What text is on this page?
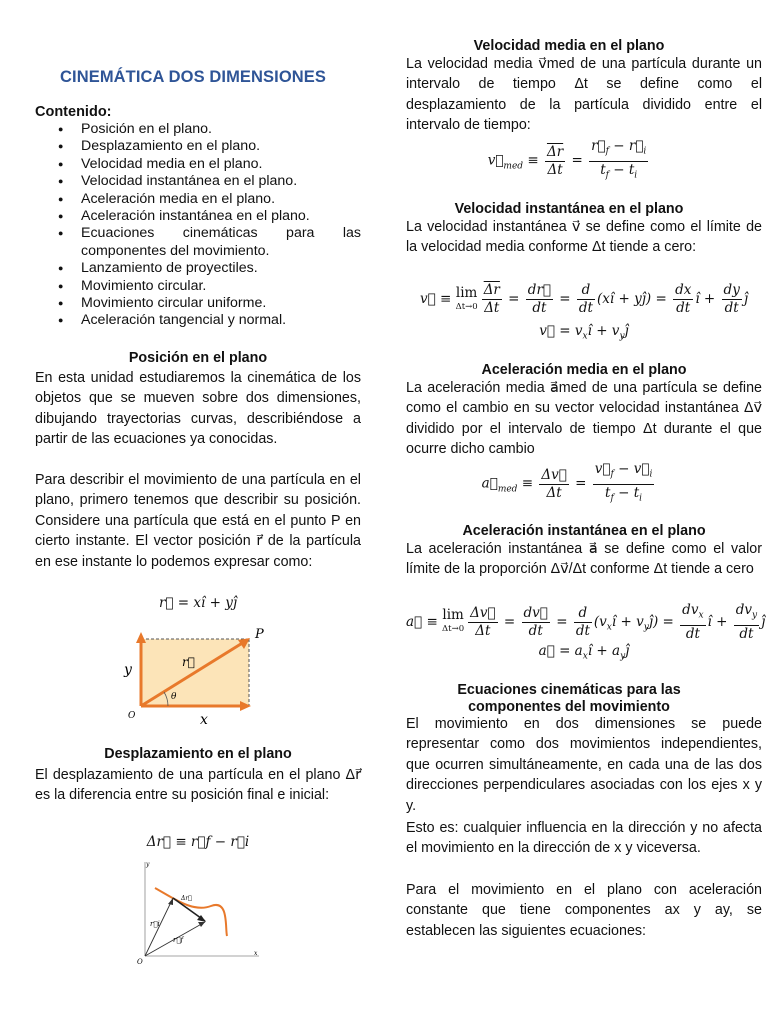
CINEMÁTICA DOS DIMENSIONES
Contenido:
● Posición en el plano.
● Desplazamiento en el plano.
● Velocidad media en el plano.
● Velocidad instantánea en el plano.
● Aceleración media en el plano.
● Aceleración instantánea en el plano.
● Ecuaciones cinemáticas para las componentes del movimiento.
● Lanzamiento de proyectiles.
● Movimiento circular.
● Movimiento circular uniforme.
● Aceleración tangencial y normal.
Posición en el plano
En esta unidad estudiaremos la cinemática de los objetos que se mueven sobre dos dimensiones, dibujando trayectorias curvas, describiéndose a partir de las ecuaciones ya conocidas.
Para describir el movimiento de una partícula en el plano, primero tenemos que describir su posición. Considere una partícula que está en el punto P en cierto instante. El vector posición r⃗ de la partícula en ese instante lo podemos expresar como:
r⃗ = xî + yĵ
y
x
P
r⃗
θ
O
Desplazamiento en el plano
El desplazamiento de una partícula en el plano Δr⃗ es la diferencia entre su posición final e inicial:
Δr⃗ ≡ r⃗f − r⃗i
y
x
O
Δr⃗
r⃗i
r⃗f
Velocidad media en el plano
La velocidad media v⃗med de una partícula durante un intervalo de tiempo Δt se define como el desplazamiento de la partícula dividido entre el intervalo de tiempo:
$v⃗_{med} \equiv \frac{\overline{\Delta r}}{\Delta t} = \frac{r⃗_f - r⃗_i}{t_f - t_i}$
Velocidad instantánea en el plano
La velocidad instantánea v⃗ se define como el límite de la velocidad media conforme Δt tiende a cero:
v⃗ ≡ lim
$\Delta t\to 0 \frac{\overline{\Delta r}}{\Delta t} = \frac{dr⃗}{dt} = \frac{d}{dt}$ (xî + yĵ) = $\frac{dx}{dt}$ î + $\frac{dy}{dt}$ ĵ
v⃗ = $v_xî$ + $v_yĵ$
Aceleración media en el plano
La aceleración media a⃗med de una partícula se define como el cambio en su vector velocidad instantánea Δv⃗ dividido por el intervalo de tiempo Δt durante el que ocurre dicho cambio
$a⃗_{med} \equiv \frac{\Delta v⃗}{\Delta t} = \frac{v⃗_f - v⃗_i}{t_f - t_i}$
Aceleración instantánea en el plano
La aceleración instantánea a⃗ se define como el valor límite de la proporción Δv⃗/Δt conforme Δt tiende a cero
a⃗ ≡ lim
$\Delta t\to 0 \frac{\Delta v⃗}{\Delta t} = \frac{dv⃗}{dt} = \frac{d}{dt}$ ($v_xî$ + $v_yĵ) = \frac{dv_x}{dt}$ î + $\frac{dv_y}{dt}$ ĵ
a⃗ = $a_xî$ + $a_yĵ$
Ecuaciones cinemáticas para las
componentes del movimiento
El movimiento en dos dimensiones se puede representar como dos movimientos independientes, que ocurren simultáneamente, en cada una de las dos direcciones perpendiculares asociadas con los ejes x y y.
Esto es: cualquier influencia en la dirección y no afecta el movimiento en la dirección de x y viceversa.
Para el movimiento en el plano con aceleración constante que tiene componentes ax y ay, se establecen las siguientes ecuaciones:
